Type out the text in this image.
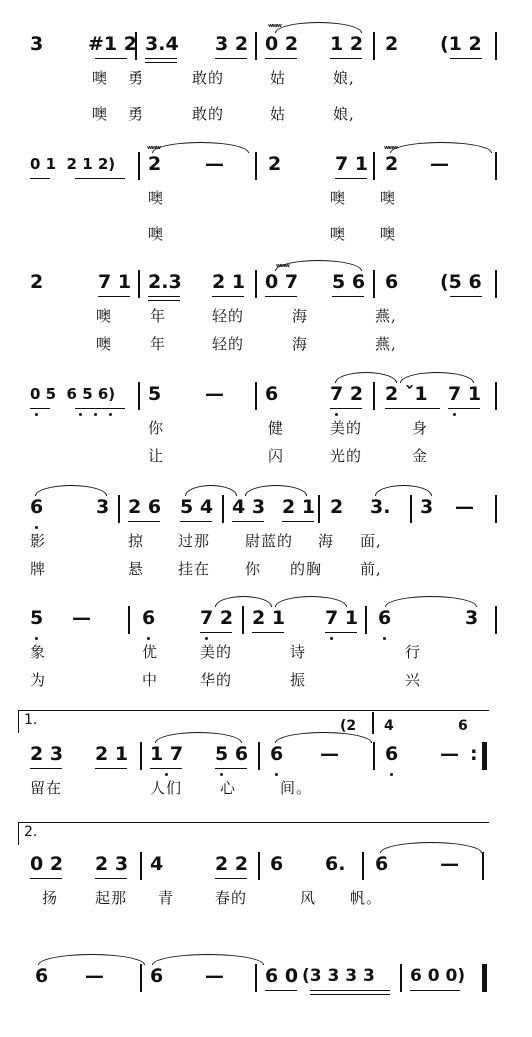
3 #1 2 3.4 3 2 0 2 1 2 2 (1 2
ʷʷʷ
噢 勇	敢的	姑	娘,
噢 勇	敢的	姑	娘,
0 1  2 1 2) 2 — 2	7 1 2 —
ʷʷʷ	ʷʷʷ
噢	噢 噢
噢	噢 噢
2	7 1 2.3 2 1 0 7 5 6 6 (5 6
ʷʷʷ
噢	年	轻的	海	燕,
噢	年	轻的	海	燕,
0 5  6 5 6) 5 — 6	7 2 2 ˇ1 7 1
你	健	美的	身
让	闪	光的	金
6	3 2 6 5 4 4 3 2 1 2 3. 3 —
影	掠 过那 尉蓝的 海 面,
牌	悬 挂在 你 的胸	前,
5 —	6 7 2 2 1 7 1 6	3
象	优	美的	诗	行
为	中	华的	振	兴
1.	(2 4	6
2 3 2 1 1 7 5 6 6 — 6 — :
留在	人们	心	间。
2.
0 2 2 3 4	2 2 6 6. 6	—
扬 起那 青	春的	风 帆。
6 — 6 — 6 0 (3 3 3 3 6 0 0)
